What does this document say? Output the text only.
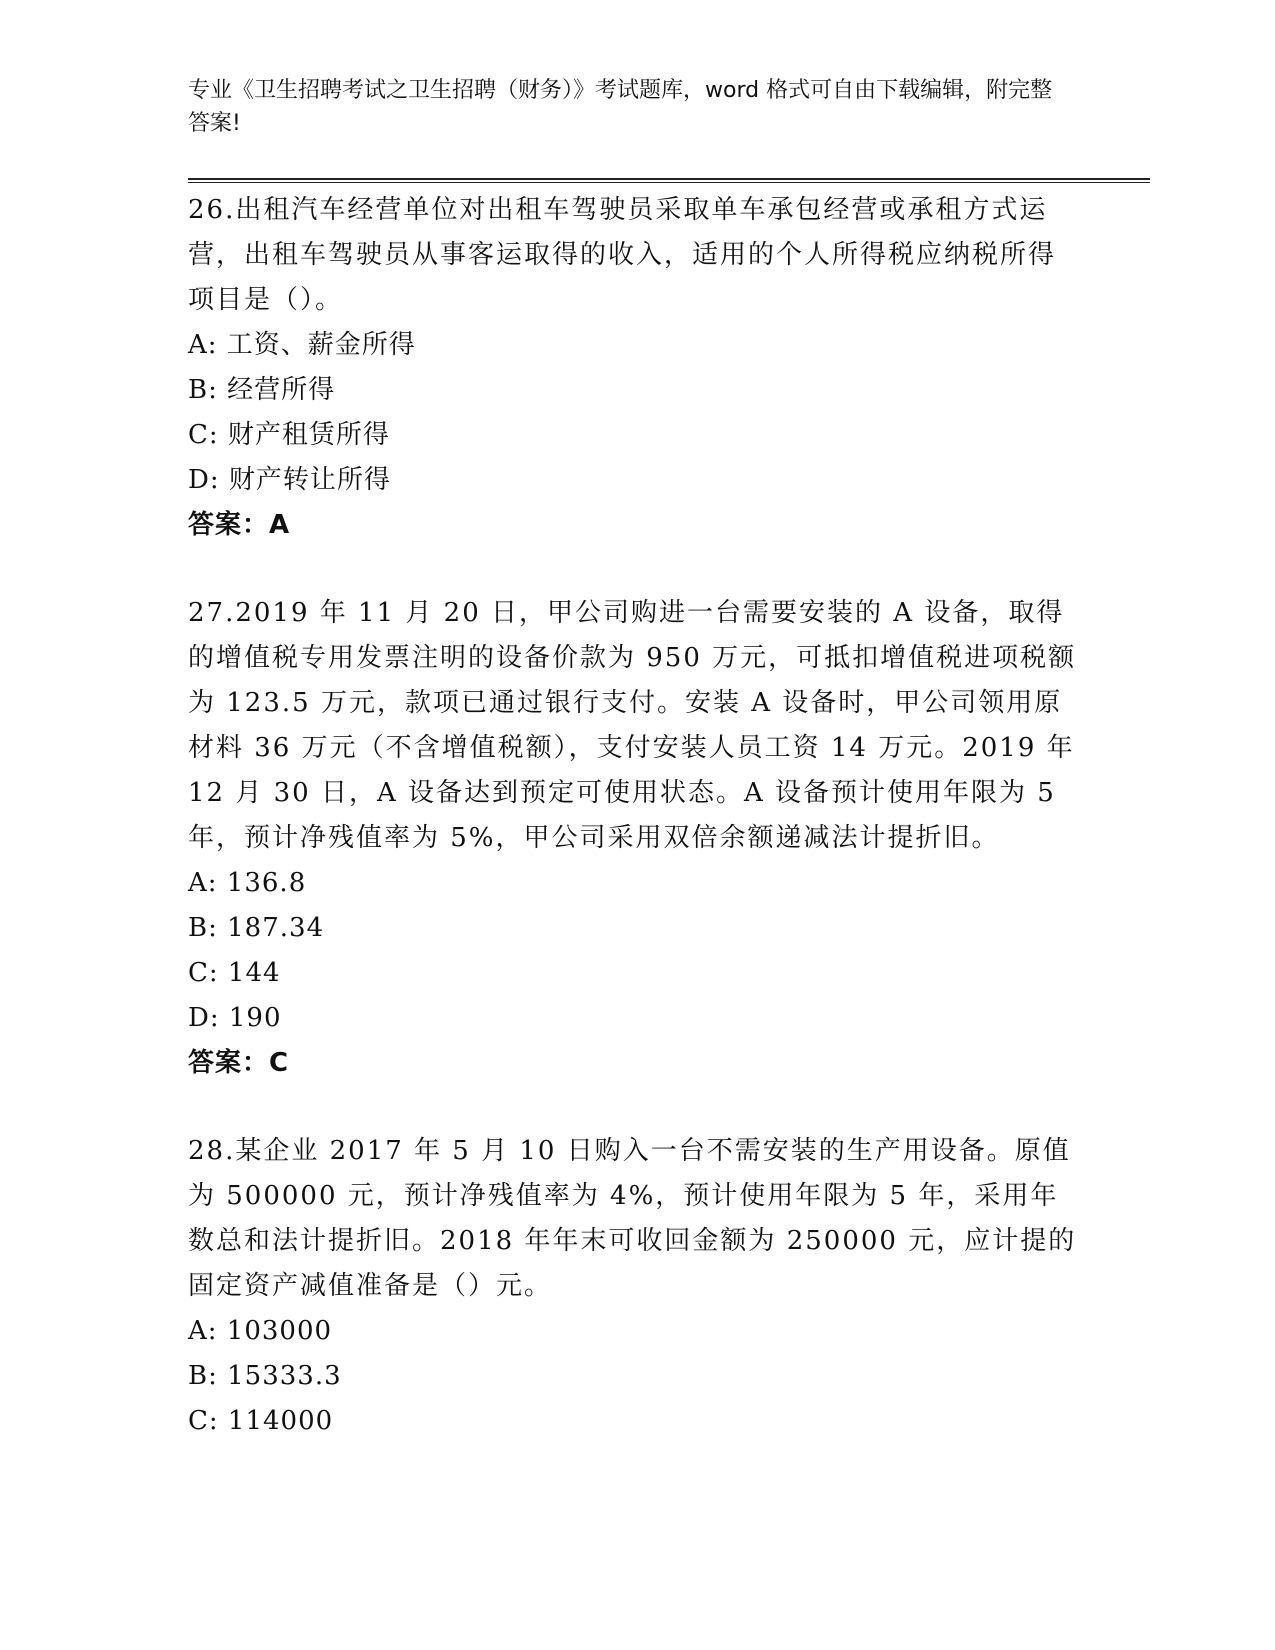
专业《卫生招聘考试之卫生招聘（财务）》考试题库，word 格式可自由下载编辑，附完整答案!

26.出租汽车经营单位对出租车驾驶员采取单车承包经营或承租方式运营，出租车驾驶员从事客运取得的收入，适用的个人所得税应纳税所得项目是（）。

A: 工资、薪金所得

B: 经营所得

C: 财产租赁所得

D: 财产转让所得

答案：A

27.2019 年 11 月 20 日，甲公司购进一台需要安装的 A 设备，取得的增值税专用发票注明的设备价款为 950 万元，可抵扣增值税进项税额为 123.5 万元，款项已通过银行支付。安装 A 设备时，甲公司领用原材料 36 万元（不含增值税额），支付安装人员工资 14 万元。2019 年 12 月 30 日，A 设备达到预定可使用状态。A 设备预计使用年限为 5 年，预计净残值率为 5%，甲公司采用双倍余额递减法计提折旧。

A: 136.8

B: 187.34

C: 144

D: 190

答案：C

28.某企业 2017 年 5 月 10 日购入一台不需安装的生产用设备。原值为 500000 元，预计净残值率为 4%，预计使用年限为 5 年，采用年数总和法计提折旧。2018 年年末可收回金额为 250000 元，应计提的固定资产减值准备是（）元。

A: 103000

B: 15333.3

C: 114000
